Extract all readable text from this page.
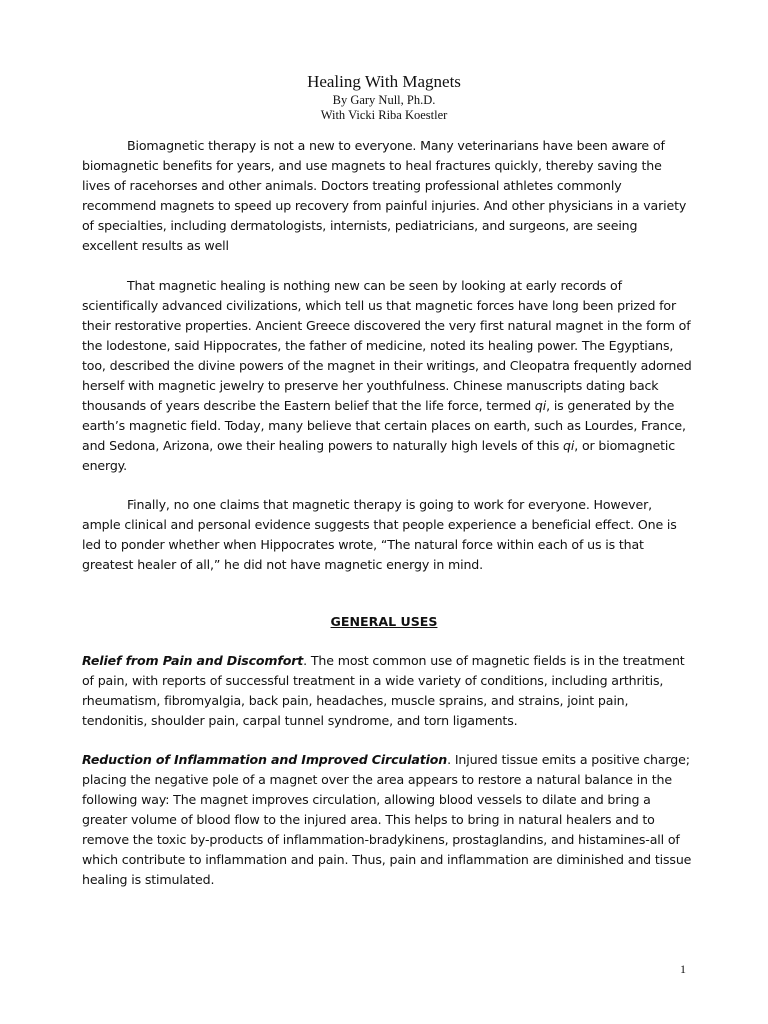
Healing With Magnets
By Gary Null, Ph.D.
With Vicki Riba Koestler

Biomagnetic therapy is not a new to everyone. Many veterinarians have been aware of biomagnetic benefits for years, and use magnets to heal fractures quickly, thereby saving the lives of racehorses and other animals. Doctors treating professional athletes commonly recommend magnets to speed up recovery from painful injuries. And other physicians in a variety of specialties, including dermatologists, internists, pediatricians, and surgeons, are seeing excellent results as well

That magnetic healing is nothing new can be seen by looking at early records of scientifically advanced civilizations, which tell us that magnetic forces have long been prized for their restorative properties. Ancient Greece discovered the very first natural magnet in the form of the lodestone, said Hippocrates, the father of medicine, noted its healing power. The Egyptians, too, described the divine powers of the magnet in their writings, and Cleopatra frequently adorned herself with magnetic jewelry to preserve her youthfulness. Chinese manuscripts dating back thousands of years describe the Eastern belief that the life force, termed qi, is generated by the earth’s magnetic field. Today, many believe that certain places on earth, such as Lourdes, France, and Sedona, Arizona, owe their healing powers to naturally high levels of this qi, or biomagnetic energy.

Finally, no one claims that magnetic therapy is going to work for everyone. However, ample clinical and personal evidence suggests that people experience a beneficial effect. One is led to ponder whether when Hippocrates wrote, “The natural force within each of us is that greatest healer of all,” he did not have magnetic energy in mind.

GENERAL USES
Relief from Pain and Discomfort. The most common use of magnetic fields is in the treatment of pain, with reports of successful treatment in a wide variety of conditions, including arthritis, rheumatism, fibromyalgia, back pain, headaches, muscle sprains, and strains, joint pain, tendonitis, shoulder pain, carpal tunnel syndrome, and torn ligaments.
Reduction of Inflammation and Improved Circulation. Injured tissue emits a positive charge; placing the negative pole of a magnet over the area appears to restore a natural balance in the following way: The magnet improves circulation, allowing blood vessels to dilate and bring a greater volume of blood flow to the injured area. This helps to bring in natural healers and to remove the toxic by-products of inflammation-bradykinens, prostaglandins, and histamines-all of which contribute to inflammation and pain. Thus, pain and inflammation are diminished and tissue healing is stimulated.
1
